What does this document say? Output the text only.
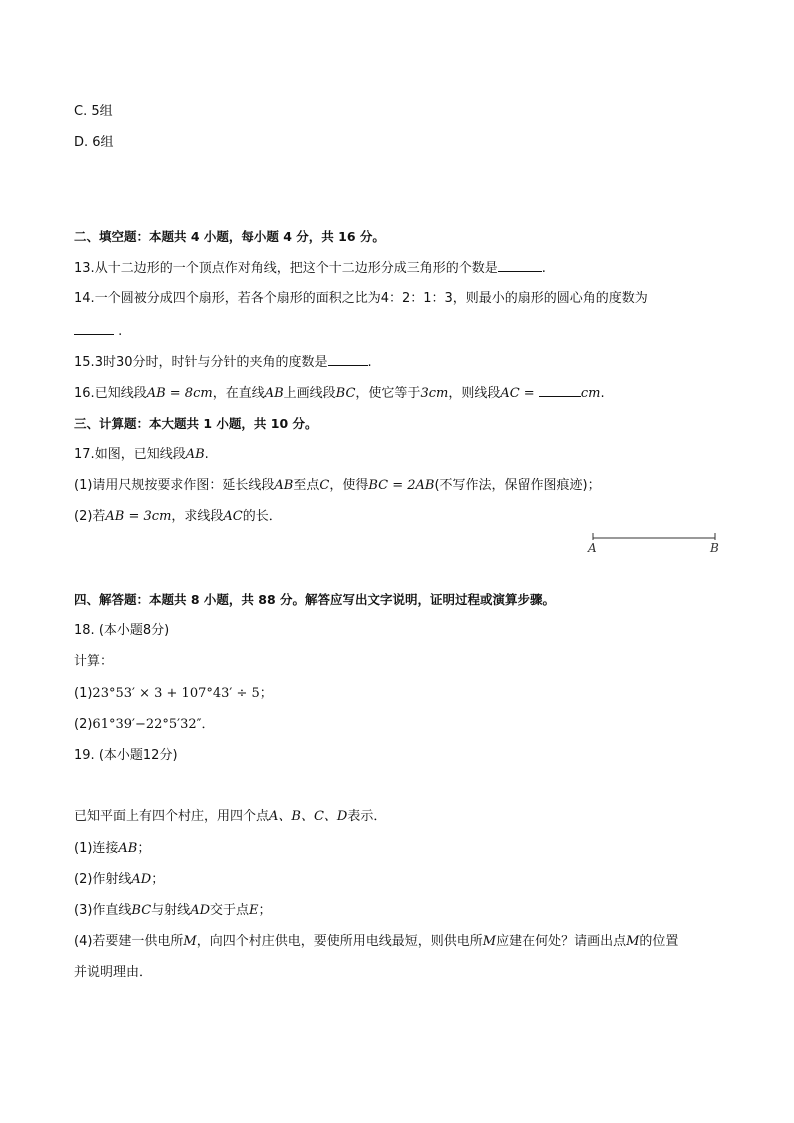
C. 5组
D. 6组
二、填空题：本题共 4 小题，每小题 4 分，共 16 分。
13.从十二边形的一个顶点作对角线，把这个十二边形分成三角形的个数是	.
14.一个圆被分成四个扇形，若各个扇形的面积之比为4：2：1：3，则最小的扇形的圆心角的度数为
.
15.3时30分时，时针与分针的夹角的度数是	.
16.已知线段AB = 8cm，在直线AB上画线段BC，使它等于3cm，则线段AC =	cm.
三、计算题：本大题共 1 小题，共 10 分。
17.如图，已知线段AB.
(1)请用尺规按要求作图：延长线段AB至点C，使得BC = 2AB(不写作法，保留作图痕迹)；
(2)若AB = 3cm，求线段AC的长．
A	B
四、解答题：本题共 8 小题，共 88 分。解答应写出文字说明，证明过程或演算步骤。
18. (本小题8分)
计算：
(1)23°53′ × 3 + 107°43′ ÷ 5；
(2)61°39′−22°5′32″．
19. (本小题12分)
已知平面上有四个村庄，用四个点A、B、C、D表示．
(1)连接AB；
(2)作射线AD；
(3)作直线BC与射线AD交于点E；
(4)若要建一供电所M，向四个村庄供电，要使所用电线最短，则供电所M应建在何处？请画出点M的位置
并说明理由．
